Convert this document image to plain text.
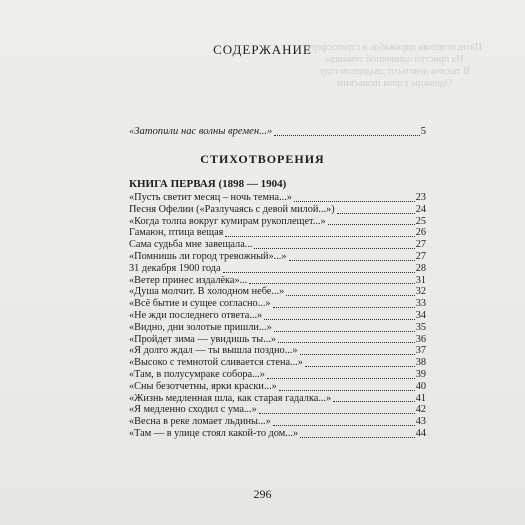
Пятисотлетняя дирижабль в стратосферу
На приступ одиночной темницы
В тысяча девятьсот двадцатом году
Однажды утром июньским
СОДЕРЖАНИЕ
«Затопили нас волны времен...»	5
СТИХОТВОРЕНИЯ
КНИГА ПЕРВАЯ (1898 — 1904)
«Пусть светит месяц – ночь темна...»	23
Песня Офелии («Разлучаясь с девой милой...»)	24
«Когда толпа вокруг кумирам рукоплещет...»	25
Гамаюн, птица вещая	26
Сама судьба мне завещала...	27
«Помнишь ли город тревожный»...»	27
31 декабря 1900 года	28
«Ветер принес издалёка»...	31
«Душа молчит. В холодном небе...»	32
«Всё бытие и сущее согласно...»	33
«Не жди последнего ответа...»	34
«Видно, дни золотые пришли...»	35
«Пройдет зима — увидишь ты...»	36
«Я долго ждал — ты вышла поздно...»	37
«Высоко с темнотой сливается стена...»	38
«Там, в полусумраке собора...»	39
«Сны безотчетны, ярки краски...»	40
«Жизнь медленная шла, как старая гадалка...»	41
«Я медленно сходил с ума...»	42
«Весна в реке ломает льдины...»	43
«Там — в улице стоял какой-то дом...»	44
296
